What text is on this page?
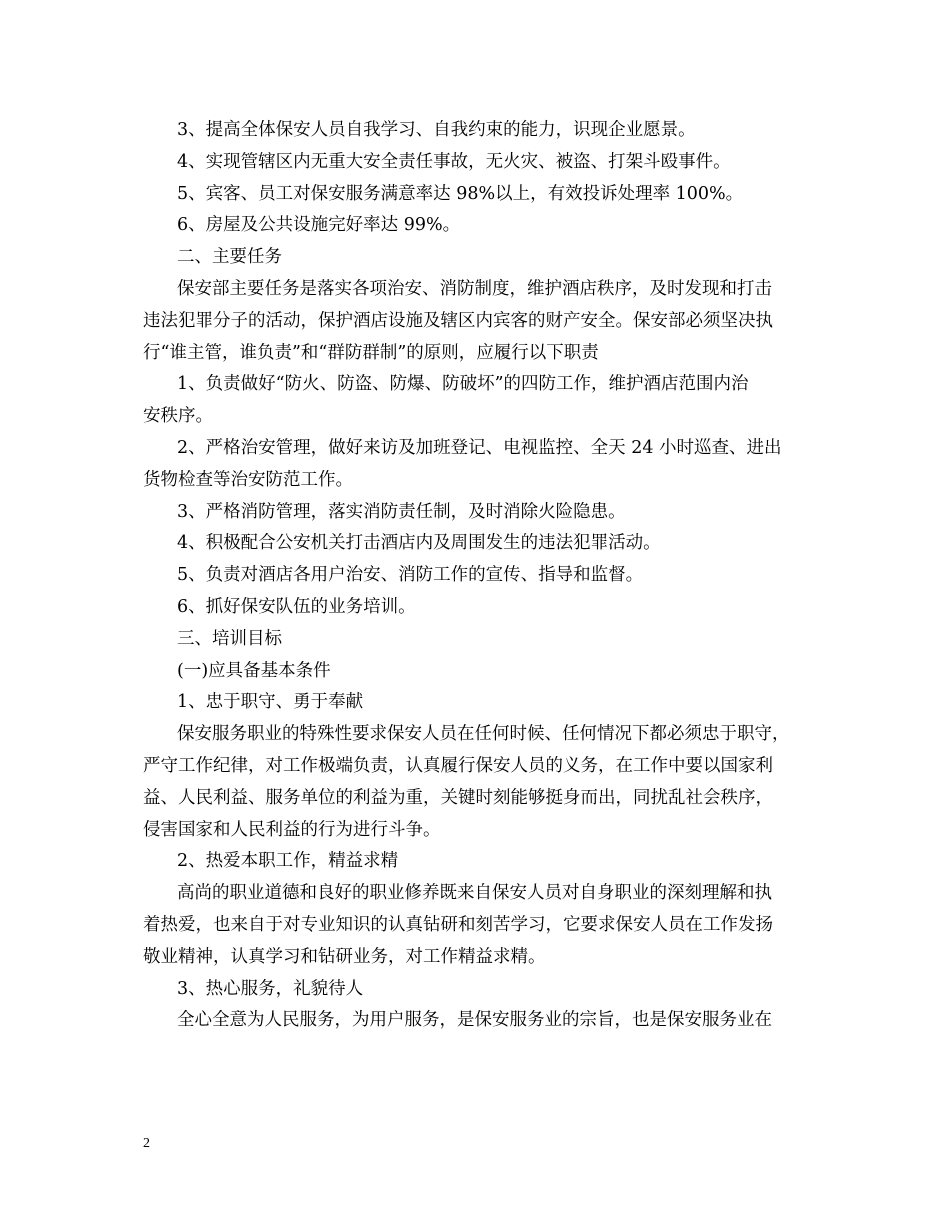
3、提高全体保安人员自我学习、自我约束的能力，识现企业愿景。
4、实现管辖区内无重大安全责任事故，无火灾、被盗、打架斗殴事件。
5、宾客、员工对保安服务满意率达 98%以上，有效投诉处理率 100%。
6、房屋及公共设施完好率达 99%。
二、主要任务
保安部主要任务是落实各项治安、消防制度，维护酒店秩序，及时发现和打击
违法犯罪分子的活动，保护酒店设施及辖区内宾客的财产安全。保安部必须坚决执
行“谁主管，谁负责”和“群防群制”的原则，应履行以下职责
1、负责做好“防火、防盗、防爆、防破坏”的四防工作，维护酒店范围内治
安秩序。
2、严格治安管理，做好来访及加班登记、电视监控、全天 24 小时巡查、进出
货物检查等治安防范工作。
3、严格消防管理，落实消防责任制，及时消除火险隐患。
4、积极配合公安机关打击酒店内及周围发生的违法犯罪活动。
5、负责对酒店各用户治安、消防工作的宣传、指导和监督。
6、抓好保安队伍的业务培训。
三、培训目标
(一)应具备基本条件
1、忠于职守、勇于奉献
保安服务职业的特殊性要求保安人员在任何时候、任何情况下都必须忠于职守，
严守工作纪律，对工作极端负责，认真履行保安人员的义务，在工作中要以国家利
益、人民利益、服务单位的利益为重，关键时刻能够挺身而出，同扰乱社会秩序，
侵害国家和人民利益的行为进行斗争。
2、热爱本职工作，精益求精
高尚的职业道德和良好的职业修养既来自保安人员对自身职业的深刻理解和执
着热爱，也来自于对专业知识的认真钻研和刻苦学习，它要求保安人员在工作发扬
敬业精神，认真学习和钻研业务，对工作精益求精。
3、热心服务，礼貌待人
全心全意为人民服务，为用户服务，是保安服务业的宗旨，也是保安服务业在
2
